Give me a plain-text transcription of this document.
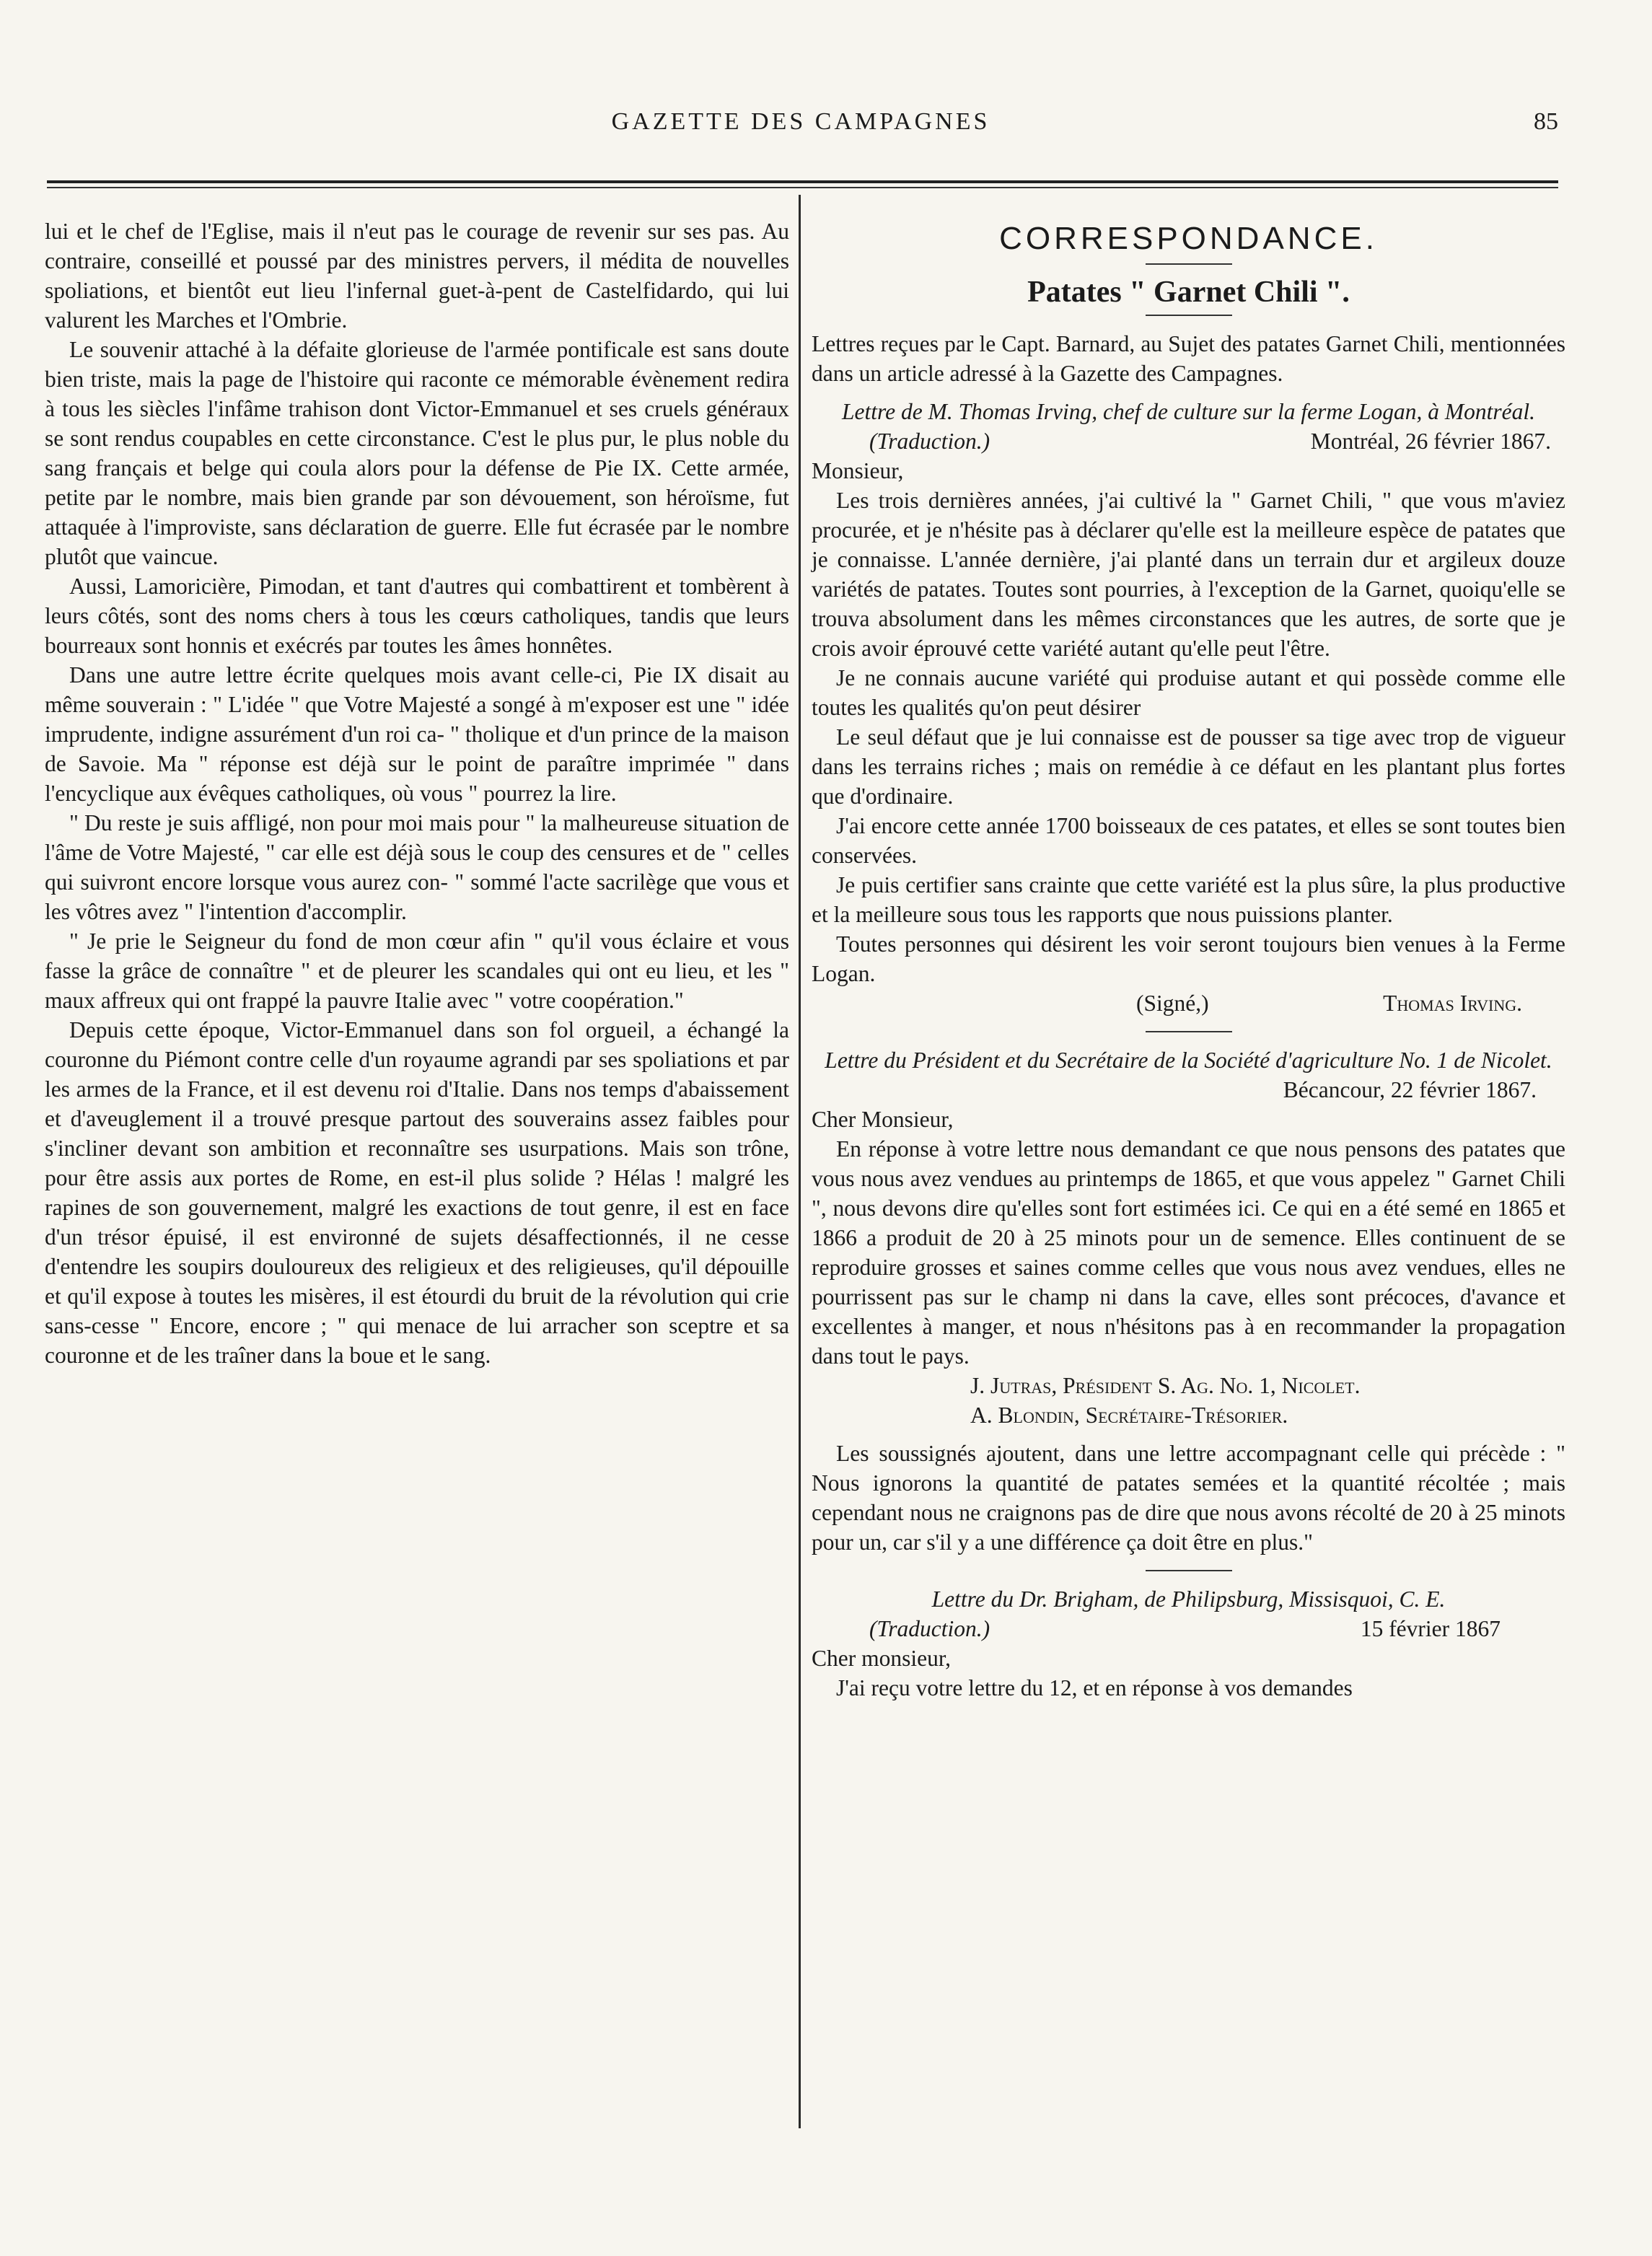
GAZETTE DES CAMPAGNES	85

lui et le chef de l'Eglise, mais il n'eut pas le courage de revenir sur ses pas. Au contraire, conseillé et poussé par des ministres pervers, il médita de nouvelles spoliations, et bientôt eut lieu l'infernal guet-à-pent de Castelfidardo, qui lui valurent les Marches et l'Ombrie.

Le souvenir attaché à la défaite glorieuse de l'armée pontificale est sans doute bien triste, mais la page de l'histoire qui raconte ce mémorable évènement redira à tous les siècles l'infâme trahison dont Victor-Emmanuel et ses cruels généraux se sont rendus coupables en cette circonstance. C'est le plus pur, le plus noble du sang français et belge qui coula alors pour la défense de Pie IX. Cette armée, petite par le nombre, mais bien grande par son dévouement, son héroïsme, fut attaquée à l'improviste, sans déclaration de guerre. Elle fut écrasée par le nombre plutôt que vaincue.

Aussi, Lamoricière, Pimodan, et tant d'autres qui combattirent et tombèrent à leurs côtés, sont des noms chers à tous les cœurs catholiques, tandis que leurs bourreaux sont honnis et exécrés par toutes les âmes honnêtes.

Dans une autre lettre écrite quelques mois avant celle-ci, Pie IX disait au même souverain : " L'idée " que Votre Majesté a songé à m'exposer est une " idée imprudente, indigne assurément d'un roi ca- " tholique et d'un prince de la maison de Savoie. Ma " réponse est déjà sur le point de paraître imprimée " dans l'encyclique aux évêques catholiques, où vous " pourrez la lire.

" Du reste je suis affligé, non pour moi mais pour " la malheureuse situation de l'âme de Votre Majesté, " car elle est déjà sous le coup des censures et de " celles qui suivront encore lorsque vous aurez con- " sommé l'acte sacrilège que vous et les vôtres avez " l'intention d'accomplir.

" Je prie le Seigneur du fond de mon cœur afin " qu'il vous éclaire et vous fasse la grâce de connaître " et de pleurer les scandales qui ont eu lieu, et les " maux affreux qui ont frappé la pauvre Italie avec " votre coopération."

Depuis cette époque, Victor-Emmanuel dans son fol orgueil, a échangé la couronne du Piémont contre celle d'un royaume agrandi par ses spoliations et par les armes de la France, et il est devenu roi d'Italie. Dans nos temps d'abaissement et d'aveuglement il a trouvé presque partout des souverains assez faibles pour s'incliner devant son ambition et reconnaître ses usurpations. Mais son trône, pour être assis aux portes de Rome, en est-il plus solide ? Hélas ! malgré les rapines de son gouvernement, malgré les exactions de tout genre, il est en face d'un trésor épuisé, il est environné de sujets désaffectionnés, il ne cesse d'entendre les soupirs douloureux des religieux et des religieuses, qu'il dépouille et qu'il expose à toutes les misères, il est étourdi du bruit de la révolution qui crie sans-cesse " Encore, encore ; " qui menace de lui arracher son sceptre et sa couronne et de les traîner dans la boue et le sang.

CORRESPONDANCE.
Patates " Garnet Chili ".

Lettres reçues par le Capt. Barnard, au Sujet des patates Garnet Chili, mentionnées dans un article adressé à la Gazette des Campagnes.

Lettre de M. Thomas Irving, chef de culture sur la ferme Logan, à Montréal.

(Traduction.)	Montréal, 26 février 1867.

Monsieur,

Les trois dernières années, j'ai cultivé la " Garnet Chili, " que vous m'aviez procurée, et je n'hésite pas à déclarer qu'elle est la meilleure espèce de patates que je connaisse. L'année dernière, j'ai planté dans un terrain dur et argileux douze variétés de patates. Toutes sont pourries, à l'exception de la Garnet, quoiqu'elle se trouva absolument dans les mêmes circonstances que les autres, de sorte que je crois avoir éprouvé cette variété autant qu'elle peut l'être.

Je ne connais aucune variété qui produise autant et qui possède comme elle toutes les qualités qu'on peut désirer

Le seul défaut que je lui connaisse est de pousser sa tige avec trop de vigueur dans les terrains riches ; mais on remédie à ce défaut en les plantant plus fortes que d'ordinaire.

J'ai encore cette année 1700 boisseaux de ces patates, et elles se sont toutes bien conservées.

Je puis certifier sans crainte que cette variété est la plus sûre, la plus productive et la meilleure sous tous les rapports que nous puissions planter.

Toutes personnes qui désirent les voir seront toujours bien venues à la Ferme Logan.

(Signé,)	Thomas Irving.

Lettre du Président et du Secrétaire de la Société d'agriculture No. 1 de Nicolet.

Bécancour, 22 février 1867.

Cher Monsieur,

En réponse à votre lettre nous demandant ce que nous pensons des patates que vous nous avez vendues au printemps de 1865, et que vous appelez " Garnet Chili ", nous devons dire qu'elles sont fort estimées ici. Ce qui en a été semé en 1865 et 1866 a produit de 20 à 25 minots pour un de semence. Elles continuent de se reproduire grosses et saines comme celles que vous nous avez vendues, elles ne pourrissent pas sur le champ ni dans la cave, elles sont précoces, d'avance et excellentes à manger, et nous n'hésitons pas à en recommander la propagation dans tout le pays.

J. Jutras, Président S. Ag. No. 1, Nicolet.

A. Blondin, Secrétaire-Trésorier.

Les soussignés ajoutent, dans une lettre accompagnant celle qui précède : " Nous ignorons la quantité de patates semées et la quantité récoltée ; mais cependant nous ne craignons pas de dire que nous avons récolté de 20 à 25 minots pour un, car s'il y a une différence ça doit être en plus."

Lettre du Dr. Brigham, de Philipsburg, Missisquoi, C. E.

(Traduction.)	15 février 1867

Cher monsieur,

J'ai reçu votre lettre du 12, et en réponse à vos demandes
